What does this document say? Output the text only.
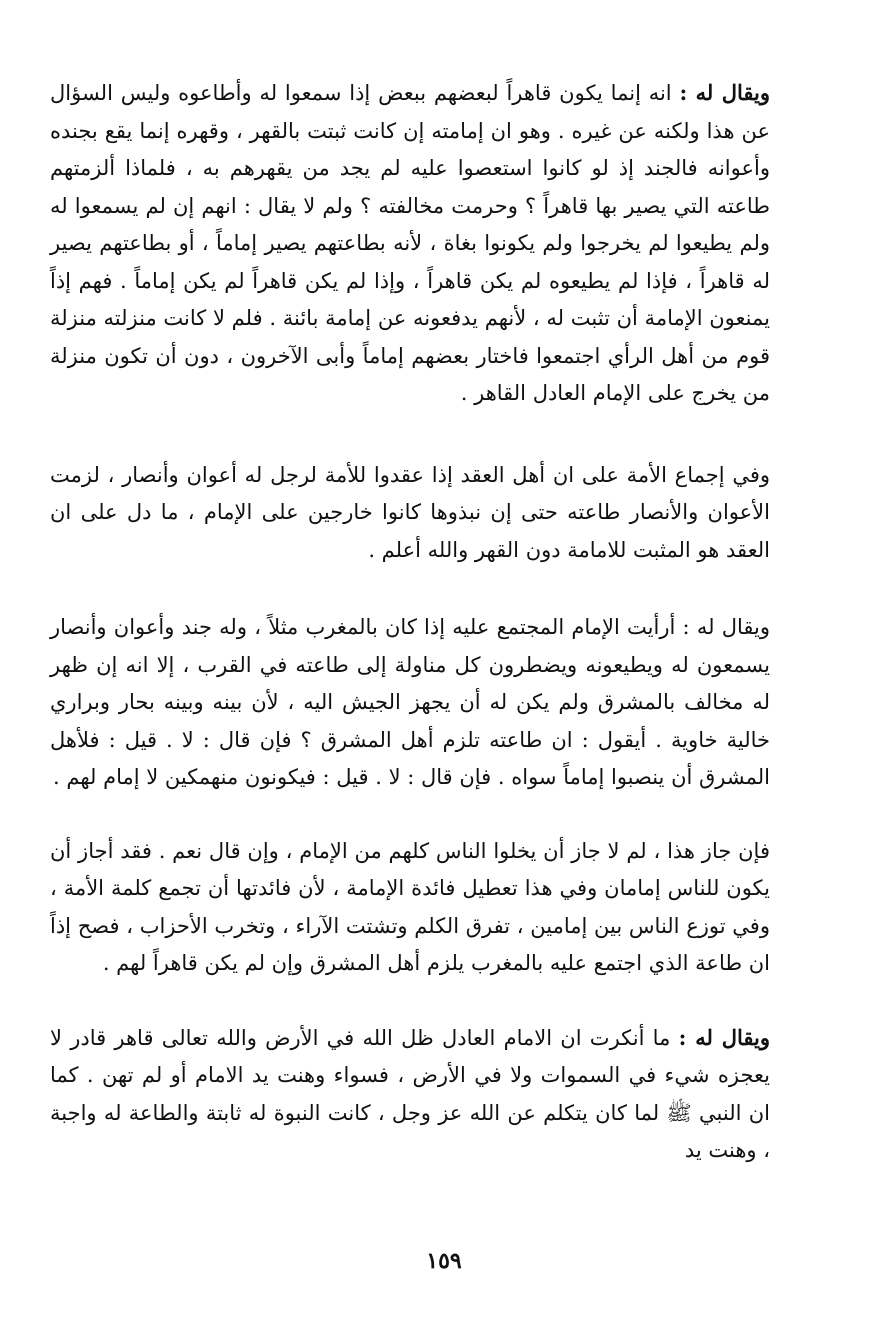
ويقال له : انه إنما يكون قاهراً لبعضهم ببعض إذا سمعوا له وأطاعوه وليس السؤال عن هذا ولكنه عن غيره . وهو ان إمامته إن كانت ثبتت بالقهر ، وقهره إنما يقع بجنده وأعوانه فالجند إذ لو كانوا استعصوا عليه لم يجد من يقهرهم به ، فلماذا ألزمتهم طاعته التي يصير بها قاهراً ؟ وحرمت مخالفته ؟ ولم لا يقال : انهم إن لم يسمعوا له ولم يطيعوا لم يخرجوا ولم يكونوا بغاة ، لأنه بطاعتهم يصير إماماً ، أو بطاعتهم يصير له قاهراً ، فإذا لم يطيعوه لم يكن قاهراً ، وإذا لم يكن قاهراً لم يكن إماماً . فهم إذاً يمنعون الإمامة أن تثبت له ، لأنهم يدفعونه عن إمامة بائنة . فلم لا كانت منزلته منزلة قوم من أهل الرأي اجتمعوا فاختار بعضهم إماماً وأبى الآخرون ، دون أن تكون منزلة من يخرج على الإمام العادل القاهر .

وفي إجماع الأمة على ان أهل العقد إذا عقدوا للأمة لرجل له أعوان وأنصار ، لزمت الأعوان والأنصار طاعته حتى إن نبذوها كانوا خارجين على الإمام ، ما دل على ان العقد هو المثبت للامامة دون القهر والله أعلم .

ويقال له : أرأيت الإمام المجتمع عليه إذا كان بالمغرب مثلاً ، وله جند وأعوان وأنصار يسمعون له ويطيعونه ويضطرون كل مناولة إلى طاعته في القرب ، إلا انه إن ظهر له مخالف بالمشرق ولم يكن له أن يجهز الجيش اليه ، لأن بينه وبينه بحار وبراري خالية خاوية . أيقول : ان طاعته تلزم أهل المشرق ؟ فإن قال : لا . قيل : فلأهل المشرق أن ينصبوا إماماً سواه . فإن قال : لا . قيل : فيكونون منهمكين لا إمام لهم .

فإن جاز هذا ، لم لا جاز أن يخلوا الناس كلهم من الإمام ، وإن قال نعم . فقد أجاز أن يكون للناس إمامان وفي هذا تعطيل فائدة الإمامة ، لأن فائدتها أن تجمع كلمة الأمة ، وفي توزع الناس بين إمامين ، تفرق الكلم وتشتت الآراء ، وتخرب الأحزاب ، فصح إذاً ان طاعة الذي اجتمع عليه بالمغرب يلزم أهل المشرق وإن لم يكن قاهراً لهم .

ويقال له : ما أنكرت ان الامام العادل ظل الله في الأرض والله تعالى قاهر قادر لا يعجزه شيء في السموات ولا في الأرض ، فسواء وهنت يد الامام أو لم تهن . كما ان النبي ﷺ لما كان يتكلم عن الله عز وجل ، كانت النبوة له ثابتة والطاعة له واجبة ، وهنت يد

١٥٩
